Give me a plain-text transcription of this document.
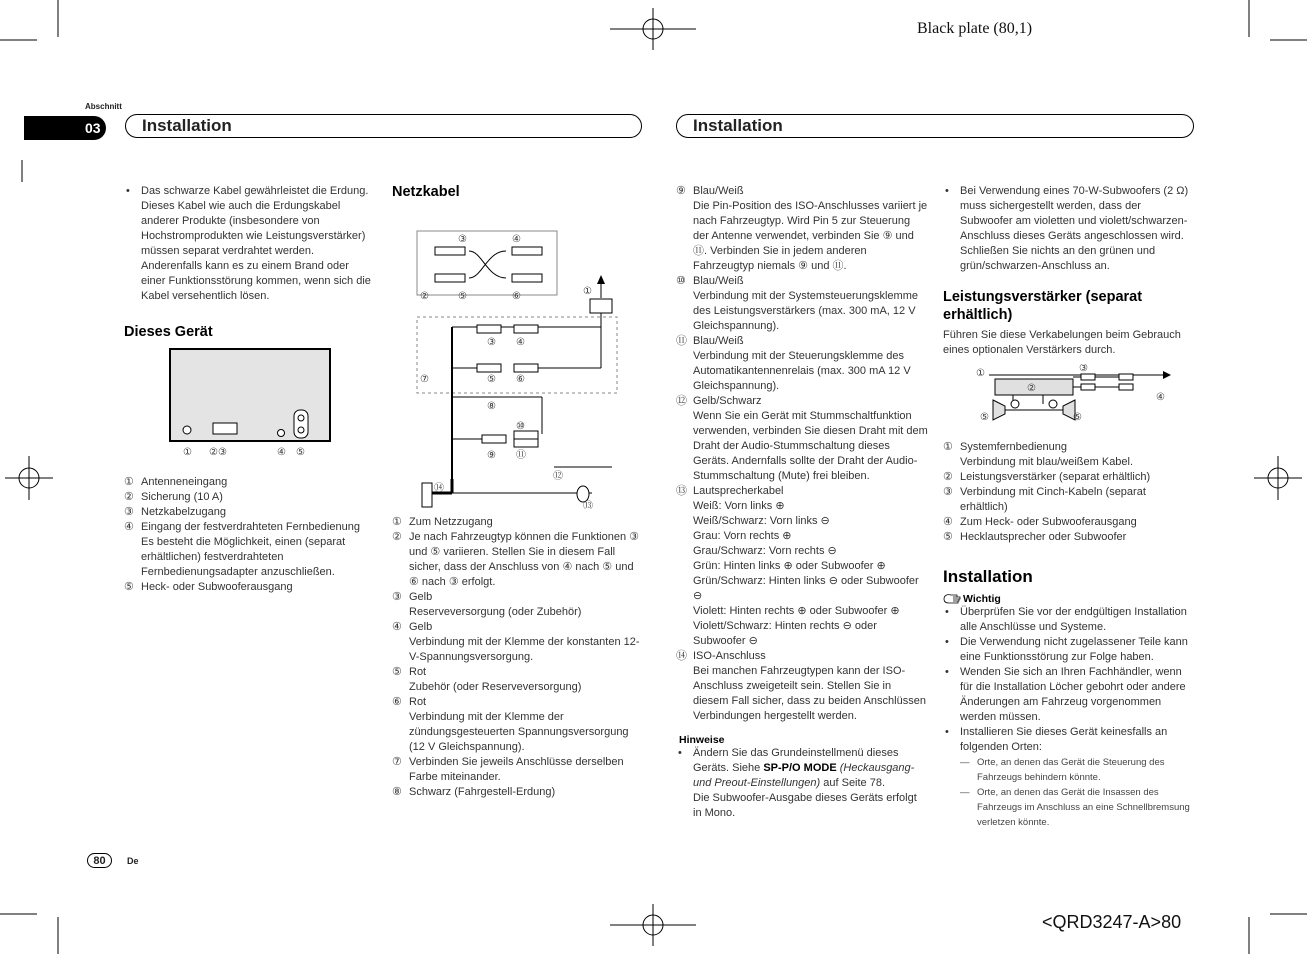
Black plate (80,1)
Abschnitt
03	Installation	Installation
• Das schwarze Kabel gewährleistet die Erdung. Dieses Kabel wie auch die Erdungskabel anderer Produkte (insbesondere von Hochstromprodukten wie Leistungsverstärker) müssen separat verdrahtet werden. Anderenfalls kann es zu einem Brand oder einer Funktionsstörung kommen, wenn sich die Kabel versehentlich lösen.
Dieses Gerät
① ②③	④ ⑤
① Antenneneingang
② Sicherung (10 A)
③ Netzkabelzugang
④ Eingang der festverdrahteten Fernbedienung Es besteht die Möglichkeit, einen (separat erhältlichen) festverdrahteten Fernbedienungsadapter anzuschließen.
⑤ Heck- oder Subwooferausgang
Netzkabel
③	④
②	⑤	⑥	①
③ ④
⑦	⑤ ⑥
⑧
⑩
⑨ ⑪
⑫
⑭
⑬
① Zum Netzzugang
② Je nach Fahrzeugtyp können die Funktionen ③ und ⑤ variieren. Stellen Sie in diesem Fall sicher, dass der Anschluss von ④ nach ⑤ und ⑥ nach ③ erfolgt.
③ Gelb
Reserveversorgung (oder Zubehör)
④ Gelb
Verbindung mit der Klemme der konstanten 12-V-Spannungsversorgung.
⑤ Rot
Zubehör (oder Reserveversorgung)
⑥ Rot
Verbindung mit der Klemme der zündungsgesteuerten Spannungsversorgung (12 V Gleichspannung).
⑦ Verbinden Sie jeweils Anschlüsse derselben Farbe miteinander.
⑧ Schwarz (Fahrgestell-Erdung)
⑨ Blau/Weiß
Die Pin-Position des ISO-Anschlusses variiert je nach Fahrzeugtyp. Wird Pin 5 zur Steuerung der Antenne verwendet, verbinden Sie ⑨ und ⑪. Verbinden Sie in jedem anderen Fahrzeugtyp niemals ⑨ und ⑪.
⑩ Blau/Weiß
Verbindung mit der Systemsteuerungsklemme des Leistungsverstärkers (max. 300 mA, 12 V Gleichspannung).
⑪ Blau/Weiß
Verbindung mit der Steuerungsklemme des Automatikantennenrelais (max. 300 mA 12 V Gleichspannung).
⑫ Gelb/Schwarz
Wenn Sie ein Gerät mit Stummschaltfunktion verwenden, verbinden Sie diesen Draht mit dem Draht der Audio-Stummschaltung dieses Geräts. Andernfalls sollte der Draht der Audio-Stummschaltung (Mute) frei bleiben.
⑬ Lautsprecherkabel
Weiß: Vorn links ⊕
Weiß/Schwarz: Vorn links ⊖
Grau: Vorn rechts ⊕
Grau/Schwarz: Vorn rechts ⊖
Grün: Hinten links ⊕ oder Subwoofer ⊕
Grün/Schwarz: Hinten links ⊖ oder Subwoofer ⊖
Violett: Hinten rechts ⊕ oder Subwoofer ⊕
Violett/Schwarz: Hinten rechts ⊖ oder Subwoofer ⊖
⑭ ISO-Anschluss
Bei manchen Fahrzeugtypen kann der ISO-Anschluss zweigeteilt sein. Stellen Sie in diesem Fall sicher, dass zu beiden Anschlüssen Verbindungen hergestellt werden.
Hinweise
• Ändern Sie das Grundeinstellmenü dieses Geräts. Siehe SP-P/O MODE (Heckausgang- und Preout-Einstellungen) auf Seite 78.
Die Subwoofer-Ausgabe dieses Geräts erfolgt in Mono.
• Bei Verwendung eines 70-W-Subwoofers (2 Ω) muss sichergestellt werden, dass der Subwoofer am violetten und violett/schwarzen-Anschluss dieses Geräts angeschlossen wird. Schließen Sie nichts an den grünen und grün/schwarzen-Anschluss an.
Leistungsverstärker (separat erhältlich)
Führen Sie diese Verkabelungen beim Gebrauch eines optionalen Verstärkers durch.
①
②
③
④
⑤	⑤
① Systemfernbedienung
Verbindung mit blau/weißem Kabel.
② Leistungsverstärker (separat erhältlich)
③ Verbindung mit Cinch-Kabeln (separat erhältlich)
④ Zum Heck- oder Subwooferausgang
⑤ Hecklautsprecher oder Subwoofer
Installation
Wichtig
• Überprüfen Sie vor der endgültigen Installation alle Anschlüsse und Systeme.
• Die Verwendung nicht zugelassener Teile kann eine Funktionsstörung zur Folge haben.
• Wenden Sie sich an Ihren Fachhändler, wenn für die Installation Löcher gebohrt oder andere Änderungen am Fahrzeug vorgenommen werden müssen.
• Installieren Sie dieses Gerät keinesfalls an folgenden Orten:
— Orte, an denen das Gerät die Steuerung des Fahrzeugs behindern könnte.
— Orte, an denen das Gerät die Insassen des Fahrzeugs im Anschluss an eine Schnellbremsung verletzen könnte.
80	De
<QRD3247-A>80
